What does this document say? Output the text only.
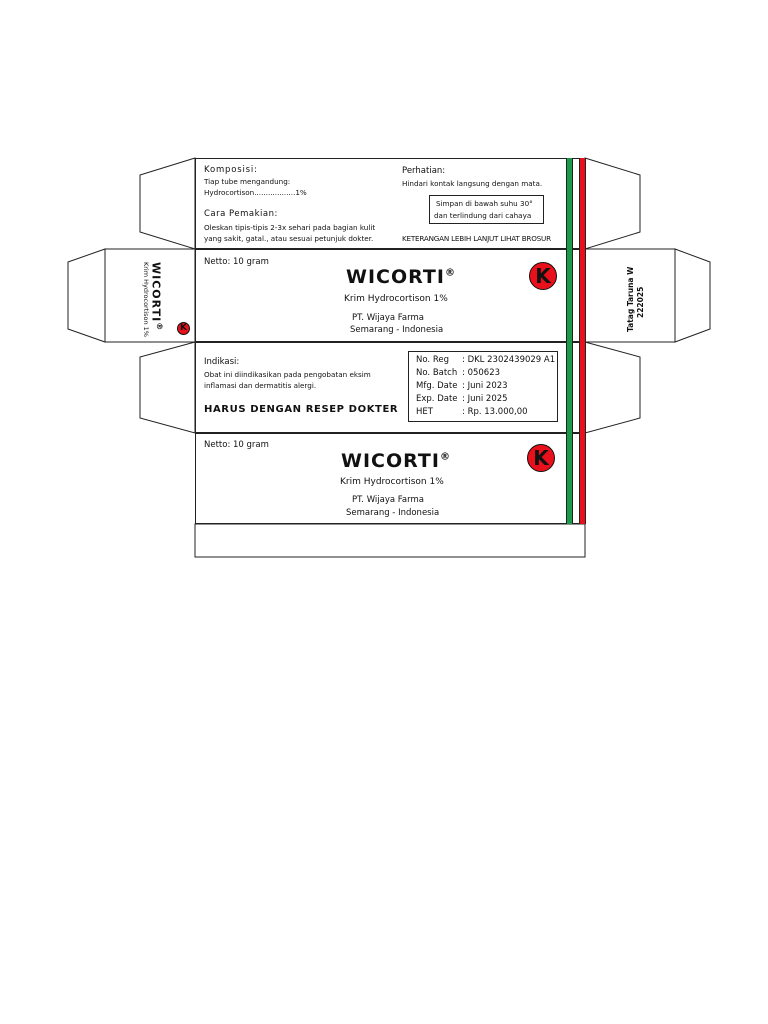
Komposisi:
Tiap tube mengandung:
Hydrocortison..................1%
Cara Pemakian:
Oleskan tipis-tipis 2-3x sehari pada bagian kulit
yang sakit, gatal., atau sesuai petunjuk dokter.
Perhatian:
Hindari kontak langsung dengan mata.
Simpan di bawah suhu 30°
dan terlindung dari cahaya
KETERANGAN LEBIH LANJUT LIHAT BROSUR
Netto: 10 gram
WICORTI®
Krim Hydrocortison 1%
PT. Wijaya Farma
Semarang - Indonesia
K
WICORTI®
Krim Hydrocortison 1%	K	Tatag Taruna W 222025
Indikasi:
Obat ini diindikasikan pada pengobatan eksim
inflamasi dan dermatitis alergi.
HARUS DENGAN RESEP DOKTER
No. Reg : DKL 2302439029 A1
No. Batch : 050623
Mfg. Date : Juni 2023
Exp. Date : Juni 2025
HET	: Rp. 13.000,00
Netto: 10 gram
WICORTI®
Krim Hydrocortison 1%
PT. Wijaya Farma
Semarang - Indonesia
K
